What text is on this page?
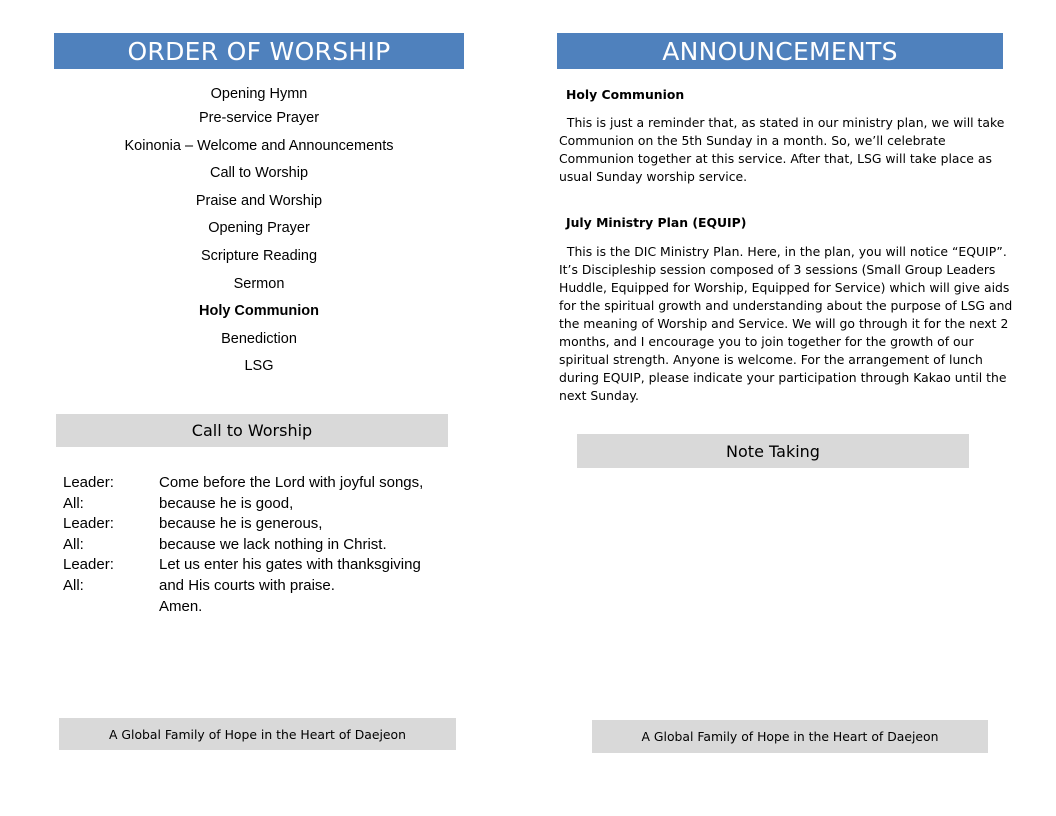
ORDER OF WORSHIP
Opening Hymn
Pre-service Prayer
Koinonia – Welcome and Announcements
Call to Worship
Praise and Worship
Opening Prayer
Scripture Reading
Sermon
Holy Communion
Benediction
LSG
Call to Worship
Leader:	Come before the Lord with joyful songs,
All:	because he is good,
Leader:	because he is generous,
All:	because we lack nothing in Christ.
Leader:	Let us enter his gates with thanksgiving
All:	and His courts with praise.
Amen.
A Global Family of Hope in the Heart of Daejeon
ANNOUNCEMENTS
Holy Communion
This is just a reminder that, as stated in our ministry plan, we will take
Communion on the 5th Sunday in a month. So, we’ll celebrate
Communion together at this service. After that, LSG will take place as
usual Sunday worship service.
July Ministry Plan (EQUIP)
This is the DIC Ministry Plan. Here, in the plan, you will notice “EQUIP”.
It’s Discipleship session composed of 3 sessions (Small Group Leaders
Huddle, Equipped for Worship, Equipped for Service) which will give aids
for the spiritual growth and understanding about the purpose of LSG and
the meaning of Worship and Service. We will go through it for the next 2
months, and I encourage you to join together for the growth of our
spiritual strength. Anyone is welcome. For the arrangement of lunch
during EQUIP, please indicate your participation through Kakao until the
next Sunday.
Note Taking
A Global Family of Hope in the Heart of Daejeon
